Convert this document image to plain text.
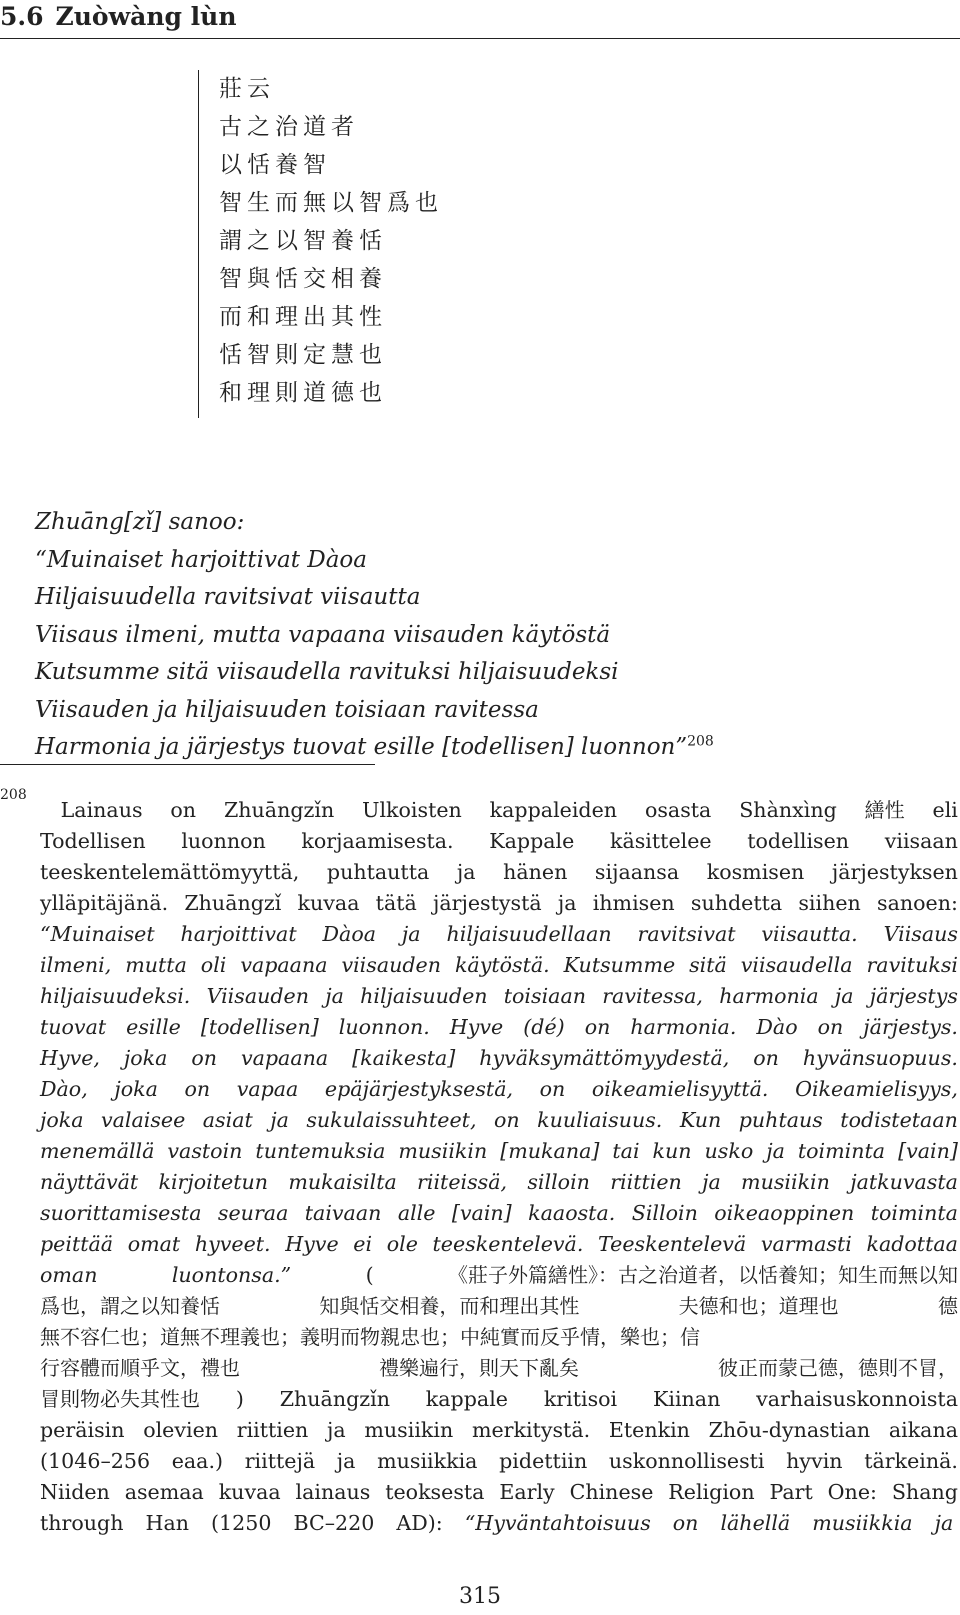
5.6 Zuòwàng lùn
莊云
古之治道者
以恬養智
智生而無以智爲也
謂之以智養恬
智與恬交相養
而和理出其性
恬智則定慧也
和理則道德也
Zhuāng[zǐ] sanoo:
“Muinaiset harjoittivat Dàoa
Hiljaisuudella ravitsivat viisautta
Viisaus ilmeni, mutta vapaana viisauden käytöstä
Kutsumme sitä viisaudella ravituksi hiljaisuudeksi
Viisauden ja hiljaisuuden toisiaan ravitessa
Harmonia ja järjestys tuovat esille [todellisen] luonnon”$^{208}$
208
Lainaus on Zhuāngzǐn Ulkoisten kappaleiden osasta Shànxìng 繕性 eli
Todellisen luonnon korjaamisesta. Kappale käsittelee todellisen viisaan
teeskentelemättömyyttä, puhtautta ja hänen sijaansa kosmisen järjestyksen
ylläpitäjänä. Zhuāngzǐ kuvaa tätä järjestystä ja ihmisen suhdetta siihen sanoen:
“Muinaiset harjoittivat Dàoa ja hiljaisuudellaan ravitsivat viisautta. Viisaus
ilmeni, mutta oli vapaana viisauden käytöstä. Kutsumme sitä viisaudella ravituksi
hiljaisuudeksi. Viisauden ja hiljaisuuden toisiaan ravitessa, harmonia ja järjestys
tuovat esille [todellisen] luonnon. Hyve (dé) on harmonia. Dào on järjestys.
Hyve, joka on vapaana [kaikesta] hyväksymättömyydestä, on hyvänsuopuus.
Dào, joka on vapaa epäjärjestyksestä, on oikeamielisyyttä. Oikeamielisyys,
joka valaisee asiat ja sukulaissuhteet, on kuuliaisuus. Kun puhtaus todistetaan
menemällä vastoin tuntemuksia musiikin [mukana] tai kun usko ja toiminta [vain]
näyttävät kirjoitetun mukaisilta riiteissä, silloin riittien ja musiikin jatkuvasta
suorittamisesta seuraa taivaan alle [vain] kaaosta. Silloin oikeaoppinen toiminta
peittää omat hyveet. Hyve ei ole teeskentelevä. Teeskentelevä varmasti kadottaa
oman	luontonsa.”	(	《莊子外篇繕性》：古之治道者，以恬養知；知生而無以知
爲也，謂之以知養恬	知與恬交相養，而和理出其性	夫德和也；道理也	德
無不容仁也；道無不理義也；義明而物親忠也；中純實而反乎情，樂也；信
行容體而順乎文，禮也	禮樂遍行，則天下亂矣	彼正而蒙己德，德則不冒，
冒則物必失其性也 ) Zhuāngzǐn kappale kritisoi Kiinan varhaisuskonnoista
peräisin olevien riittien ja musiikin merkitystä. Etenkin Zhōu-dynastian aikana
(1046–256 eaa.) riittejä ja musiikkia pidettiin uskonnollisesti hyvin tärkeinä.
Niiden asemaa kuvaa lainaus teoksesta Early Chinese Religion Part One: Shang
through Han (1250 BC–220 AD): “Hyväntahtoisuus on lähellä musiikkia ja
315
